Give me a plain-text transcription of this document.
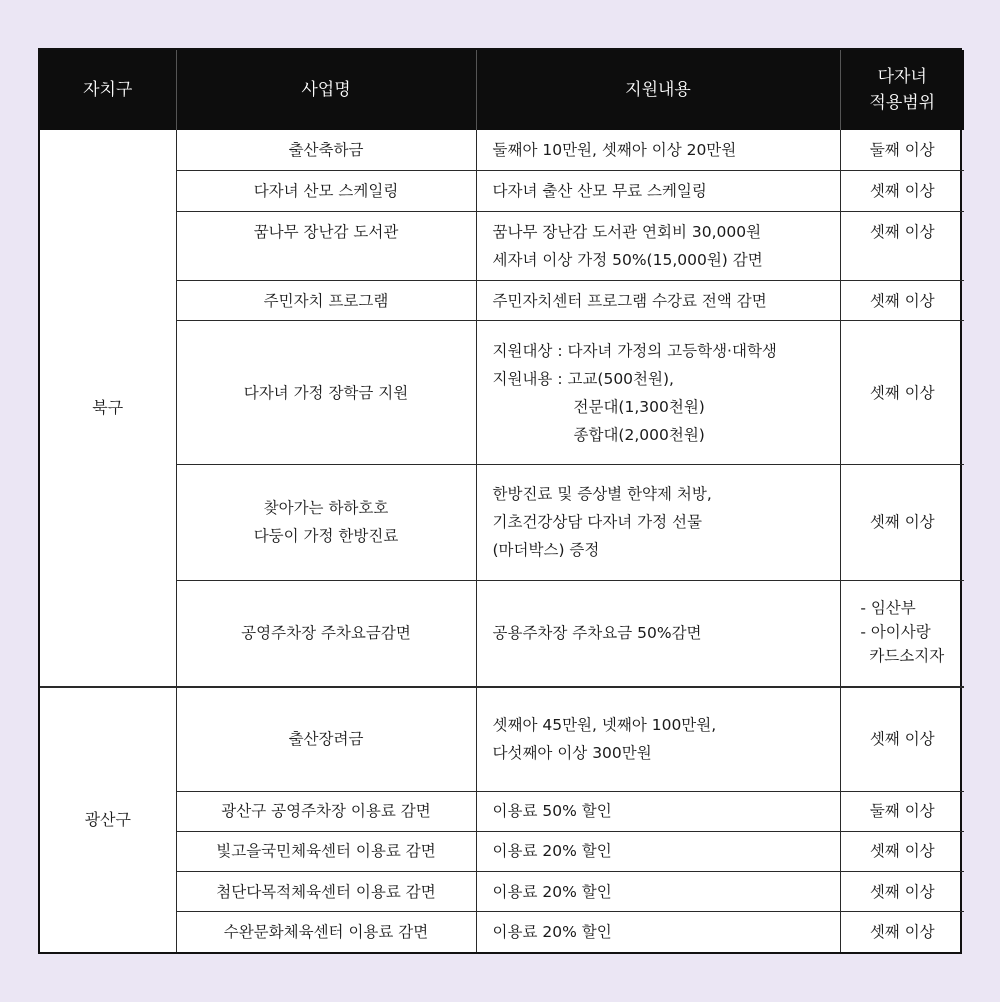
자치구	사업명	지원내용	다자녀
적용범위

북구	출산축하금	둘째아 10만원, 셋째아 이상 20만원	둘째 이상

	다자녀 산모 스케일링	다자녀 출산 산모 무료 스케일링	셋째 이상

	꿈나무 장난감 도서관	꿈나무 장난감 도서관 연회비 30,000원
세자녀 이상 가정 50%(15,000원) 감면	셋째 이상

	주민자치 프로그램	주민자치센터 프로그램 수강료 전액 감면	셋째 이상

	다자녀 가정 장학금 지원	지원대상 : 다자녀 가정의 고등학생·대학생
지원내용 : 고교(500천원),
전문대(1,300천원)
종합대(2,000천원)	셋째 이상

	찾아가는 하하호호
다둥이 가정 한방진료	한방진료 및 증상별 한약제 처방,
기초건강상담 다자녀 가정 선물
(마더박스) 증정	셋째 이상

	공영주차장 주차요금감면	공용주차장 주차요금 50%감면	- 임산부
- 아이사랑
카드소지자

광산구	출산장려금	셋째아 45만원, 넷째아 100만원,
다섯째아 이상 300만원	셋째 이상

	광산구 공영주차장 이용료 감면	이용료 50% 할인	둘째 이상

	빛고을국민체육센터 이용료 감면	이용료 20% 할인	셋째 이상

	첨단다목적체육센터 이용료 감면	이용료 20% 할인	셋째 이상

	수완문화체육센터 이용료 감면	이용료 20% 할인	셋째 이상
